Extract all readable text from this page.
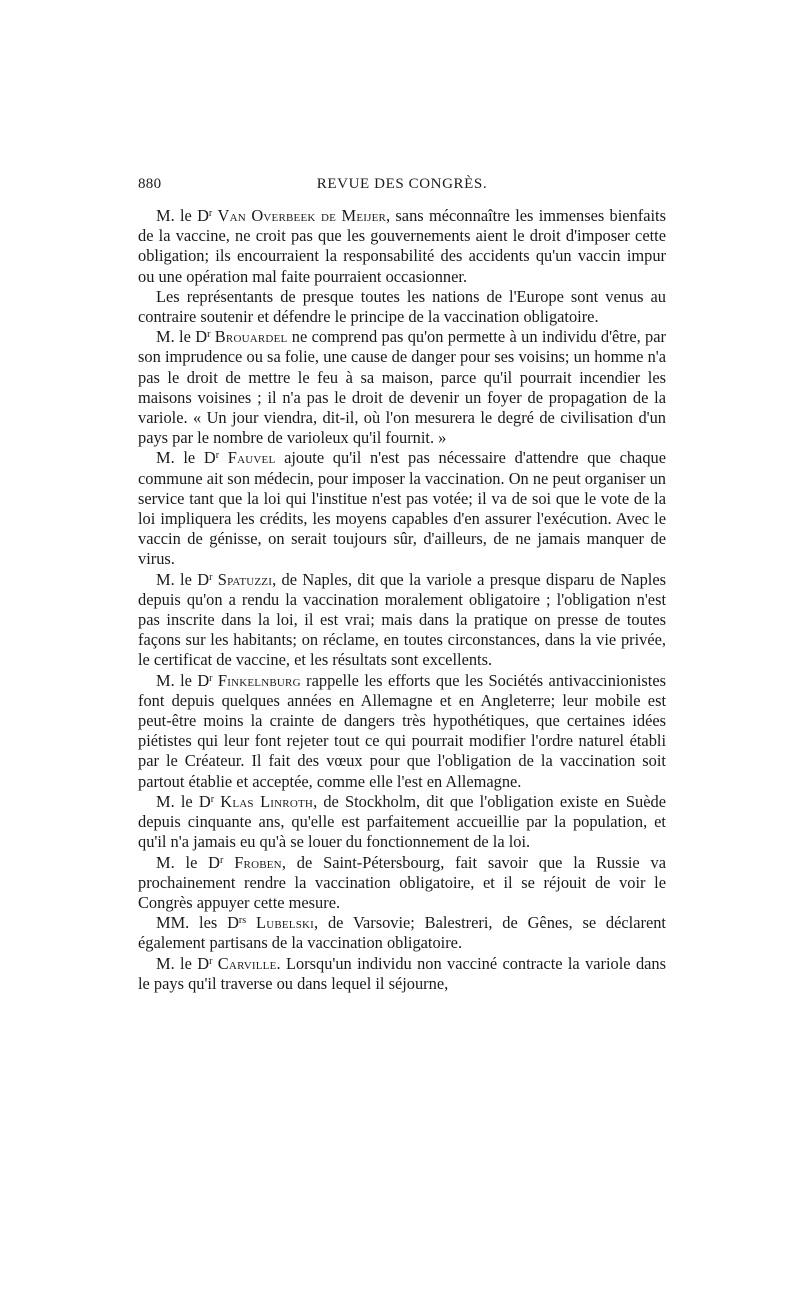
880	REVUE DES CONGRÈS.

M. le $D^r$ Van Overbeek de Meijer, sans méconnaître les immenses bienfaits de la vaccine, ne croit pas que les gouvernements aient le droit d'imposer cette obligation; ils encourraient la responsabilité des accidents qu'un vaccin impur ou une opération mal faite pourraient occasionner.

Les représentants de presque toutes les nations de l'Europe sont venus au contraire soutenir et défendre le principe de la vaccination obligatoire.

M. le $D^r$ Brouardel ne comprend pas qu'on permette à un individu d'être, par son imprudence ou sa folie, une cause de danger pour ses voisins; un homme n'a pas le droit de mettre le feu à sa maison, parce qu'il pourrait incendier les maisons voisines ; il n'a pas le droit de devenir un foyer de propagation de la variole. « Un jour viendra, dit-il, où l'on mesurera le degré de civilisation d'un pays par le nombre de varioleux qu'il fournit. »

M. le $D^r$ Fauvel ajoute qu'il n'est pas nécessaire d'attendre que chaque commune ait son médecin, pour imposer la vaccination. On ne peut organiser un service tant que la loi qui l'institue n'est pas votée; il va de soi que le vote de la loi impliquera les crédits, les moyens capables d'en assurer l'exécution. Avec le vaccin de génisse, on serait toujours sûr, d'ailleurs, de ne jamais manquer de virus.

M. le $D^r$ Spatuzzi, de Naples, dit que la variole a presque disparu de Naples depuis qu'on a rendu la vaccination moralement obligatoire ; l'obligation n'est pas inscrite dans la loi, il est vrai; mais dans la pratique on presse de toutes façons sur les habitants; on réclame, en toutes circonstances, dans la vie privée, le certificat de vaccine, et les résultats sont excellents.

M. le $D^r$ Finkelnburg rappelle les efforts que les Sociétés antivaccinionistes font depuis quelques années en Allemagne et en Angleterre; leur mobile est peut-être moins la crainte de dangers très hypothétiques, que certaines idées piétistes qui leur font rejeter tout ce qui pourrait modifier l'ordre naturel établi par le Créateur. Il fait des vœux pour que l'obligation de la vaccination soit partout établie et acceptée, comme elle l'est en Allemagne.

M. le $D^r$ Klas Linroth, de Stockholm, dit que l'obligation existe en Suède depuis cinquante ans, qu'elle est parfaitement accueillie par la population, et qu'il n'a jamais eu qu'à se louer du fonctionnement de la loi.

M. le $D^r$ Froben, de Saint-Pétersbourg, fait savoir que la Russie va prochainement rendre la vaccination obligatoire, et il se réjouit de voir le Congrès appuyer cette mesure.

MM. les $D^{rs}$ Lubelski, de Varsovie; Balestreri, de Gênes, se déclarent également partisans de la vaccination obligatoire.

M. le $D^r$ Carville. Lorsqu'un individu non vacciné contracte la variole dans le pays qu'il traverse ou dans lequel il séjourne,
